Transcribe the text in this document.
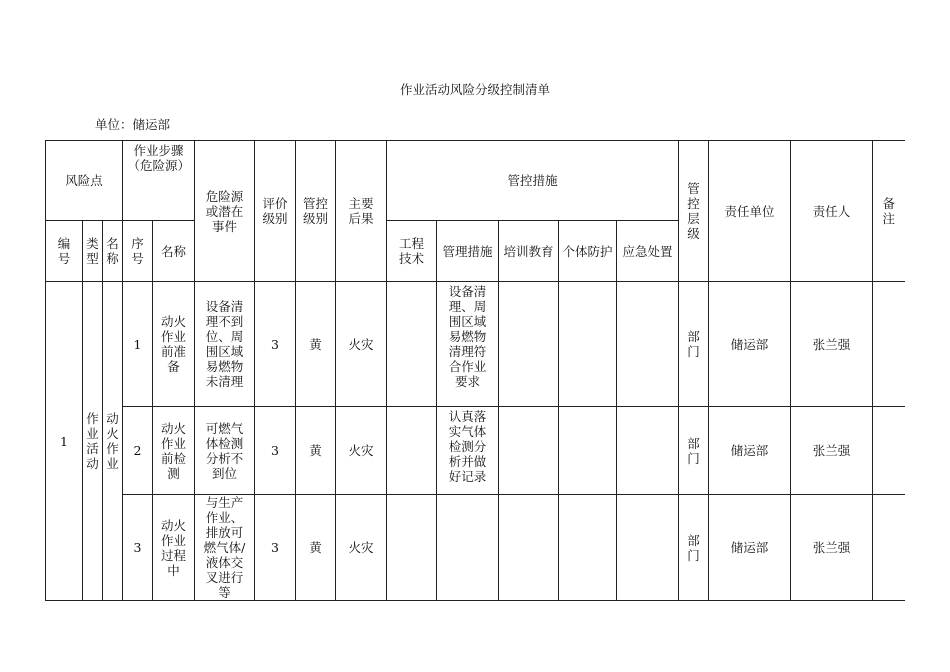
作业活动风险分级控制清单
单位：储运部
风险点			作业步骤（危险源）		危险源或潜在事件	评价级别	管控级别	主要后果	管控措施					管控层级	责任单位	责任人	备注

编号	类型	名称	序号	名称					工程技术	管理措施	培训教育	个体防护	应急处置				

1	作业活动	动火作业	1	动火作业前准备	设备清理不到位、周围区域易燃物未清理	3	黄	火灾		设备清理、周围区域易燃物清理符合作业要求				部门	储运部	张兰强	

			2	动火作业前检测	可燃气体检测分析不到位	3	黄	火灾		认真落实气体检测分析并做好记录				部门	储运部	张兰强	

			3	动火作业过程中	与生产作业、排放可燃气体/液体交叉进行等	3	黄	火灾						部门	储运部	张兰强	
